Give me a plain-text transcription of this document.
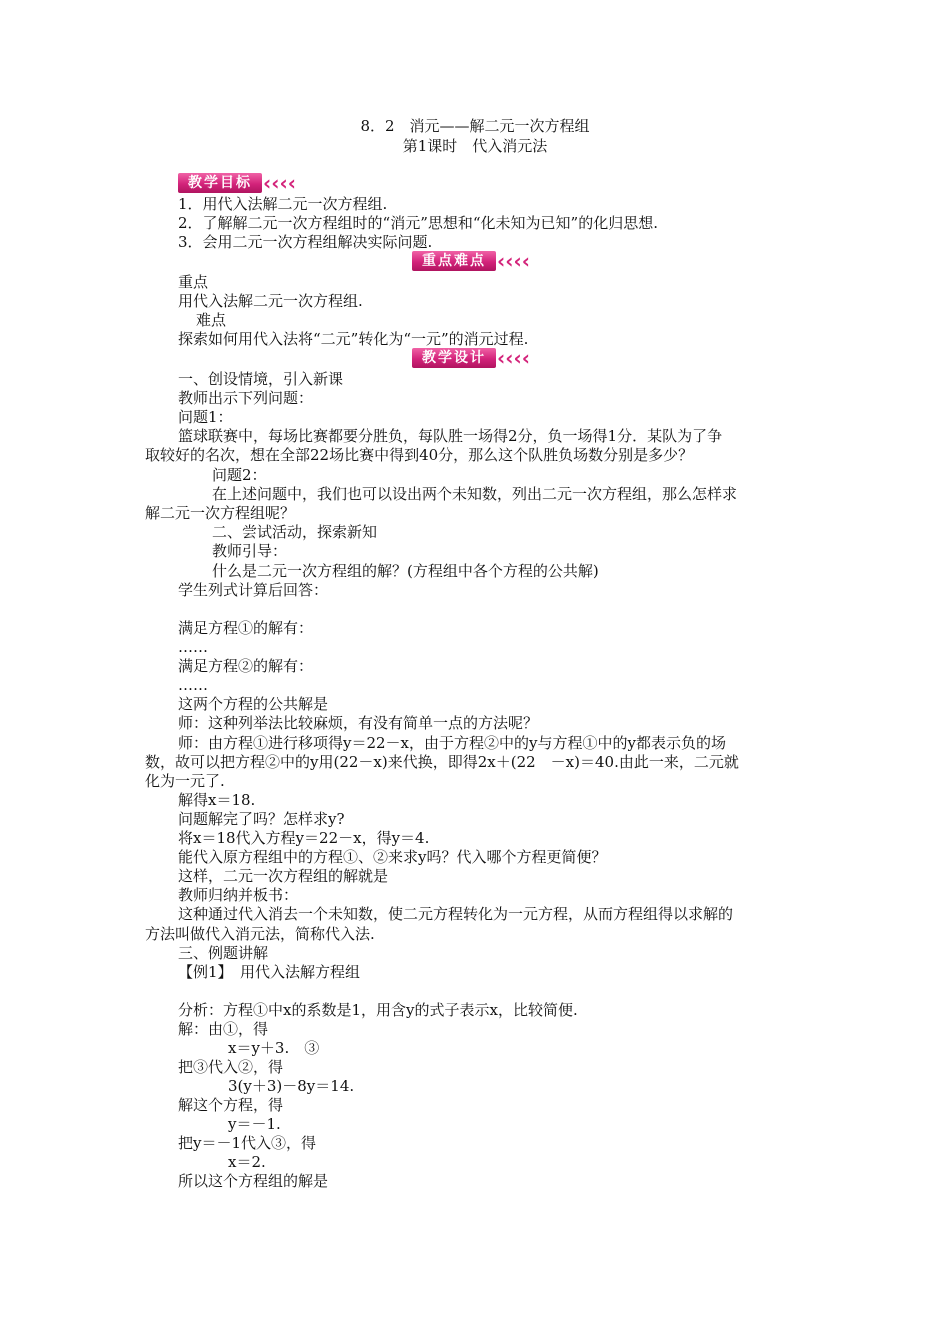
8．2　消元——解二元一次方程组
第1课时　代入消元法
教学目标 ‹‹‹‹
1．用代入法解二元一次方程组.
2．了解解二元一次方程组时的“消元”思想和“化未知为已知”的化归思想.
3．会用二元一次方程组解决实际问题.
重点难点 ‹‹‹‹
重点
用代入法解二元一次方程组.
难点
探索如何用代入法将“二元”转化为“一元”的消元过程.
教学设计 ‹‹‹‹
一、创设情境，引入新课
教师出示下列问题：
问题1：
篮球联赛中，每场比赛都要分胜负，每队胜一场得2分，负一场得1分．某队为了争
取较好的名次，想在全部22场比赛中得到40分，那么这个队胜负场数分别是多少？
问题2：
在上述问题中，我们也可以设出两个未知数，列出二元一次方程组，那么怎样求
解二元一次方程组呢？
二、尝试活动，探索新知
教师引导：
什么是二元一次方程组的解？(方程组中各个方程的公共解)
学生列式计算后回答：
满足方程①的解有：
……
满足方程②的解有：
……
这两个方程的公共解是
师：这种列举法比较麻烦，有没有简单一点的方法呢？
师：由方程①进行移项得y＝22－x，由于方程②中的y与方程①中的y都表示负的场
数，故可以把方程②中的y用(22－x)来代换，即得2x＋(22　－x)＝40.由此一来，二元就
化为一元了.
解得x＝18.
问题解完了吗？怎样求y?
将x＝18代入方程y＝22－x，得y＝4.
能代入原方程组中的方程①、②来求y吗？代入哪个方程更简便？
这样，二元一次方程组的解就是
教师归纳并板书：
这种通过代入消去一个未知数，使二元方程转化为一元方程，从而方程组得以求解的
方法叫做代入消元法，简称代入法.
三、例题讲解
【例1】　用代入法解方程组
分析：方程①中x的系数是1，用含y的式子表示x，比较简便.
解：由①，得
x＝y＋3.　③
把③代入②，得
3(y＋3)－8y＝14.
解这个方程，得
y＝－1.
把y＝－1代入③，得
x＝2.
所以这个方程组的解是
